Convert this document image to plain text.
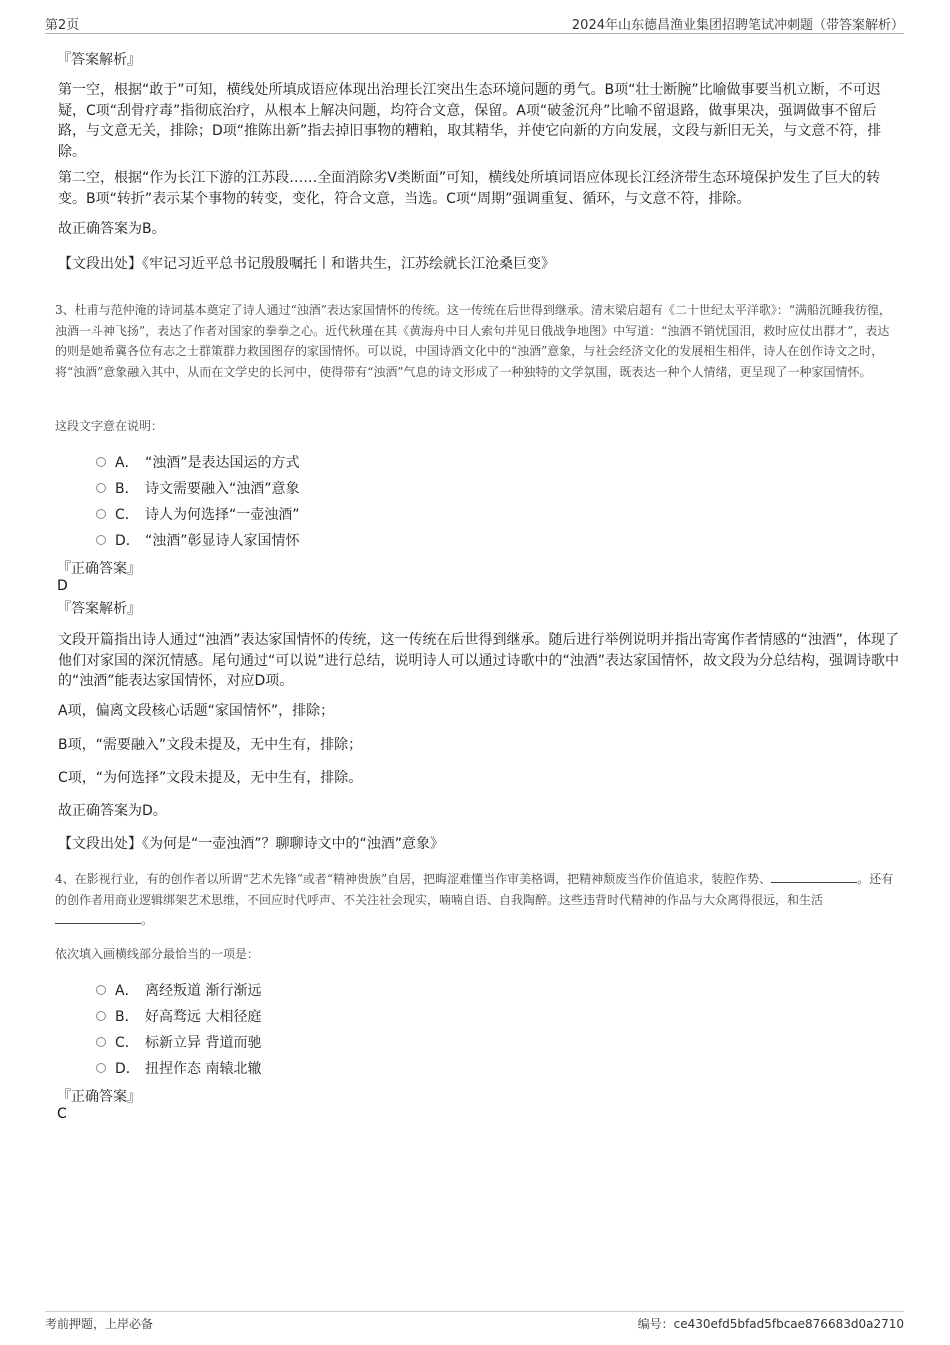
第2页	2024年山东德昌渔业集团招聘笔试冲刺题（带答案解析）
『答案解析』
第一空，根据“敢于”可知，横线处所填成语应体现出治理长江突出生态环境问题的勇气。B项“壮士断腕”比喻做事要当机立断，不可迟疑，C项“刮骨疗毒”指彻底治疗，从根本上解决问题，均符合文意，保留。A项“破釜沉舟”比喻不留退路，做事果决，强调做事不留后路，与文意无关，排除；D项“推陈出新”指去掉旧事物的糟粕，取其精华，并使它向新的方向发展，文段与新旧无关，与文意不符，排除。
第二空，根据“作为长江下游的江苏段……全面消除劣V类断面”可知，横线处所填词语应体现长江经济带生态环境保护发生了巨大的转变。B项“转折”表示某个事物的转变，变化，符合文意，当选。C项“周期”强调重复、循环，与文意不符，排除。
故正确答案为B。
【文段出处】《牢记习近平总书记殷殷嘱托丨和谐共生，江苏绘就长江沧桑巨变》
3、杜甫与范仲淹的诗词基本奠定了诗人通过“浊酒”表达家国情怀的传统。这一传统在后世得到继承。清末梁启超有《二十世纪太平洋歌》：“满船沉睡我彷徨，浊酒一斗神飞扬”，表达了作者对国家的拳拳之心。近代秋瑾在其《黄海舟中日人索句并见日俄战争地图》中写道：“浊酒不销忧国泪，救时应仗出群才”，表达的则是她希冀各位有志之士群策群力救国图存的家国情怀。可以说，中国诗酒文化中的“浊酒”意象，与社会经济文化的发展相生相伴，诗人在创作诗文之时，将“浊酒”意象融入其中，从而在文学史的长河中，使得带有“浊酒”气息的诗文形成了一种独特的文学氛围，既表达一种个人情绪，更呈现了一种家国情怀。
这段文字意在说明：
A． “浊酒”是表达国运的方式
B． 诗文需要融入“浊酒”意象
C． 诗人为何选择“一壶浊酒”
D． “浊酒”彰显诗人家国情怀
『正确答案』
D
『答案解析』
文段开篇指出诗人通过“浊酒”表达家国情怀的传统，这一传统在后世得到继承。随后进行举例说明并指出寄寓作者情感的“浊酒”，体现了他们对家国的深沉情感。尾句通过“可以说”进行总结，说明诗人可以通过诗歌中的“浊酒”表达家国情怀，故文段为分总结构，强调诗歌中的“浊酒”能表达家国情怀，对应D项。
A项，偏离文段核心话题“家国情怀”，排除；
B项，“需要融入”文段未提及，无中生有，排除；
C项，“为何选择”文段未提及，无中生有，排除。
故正确答案为D。
【文段出处】《为何是“一壶浊酒”？聊聊诗文中的“浊酒”意象》
4、在影视行业，有的创作者以所谓“艺术先锋”或者“精神贵族”自居，把晦涩难懂当作审美格调，把精神颓废当作价值追求，装腔作势、	。还有的创作者用商业逻辑绑架艺术思维，不回应时代呼声、不关注社会现实，喃喃自语、自我陶醉。这些违背时代精神的作品与大众离得很远，和生活。
依次填入画横线部分最恰当的一项是：
A． 离经叛道 渐行渐远
B． 好高骛远 大相径庭
C． 标新立异 背道而驰
D． 扭捏作态 南辕北辙
『正确答案』
C
考前押题，上岸必备	编号：ce430efd5bfad5fbcae876683d0a2710
